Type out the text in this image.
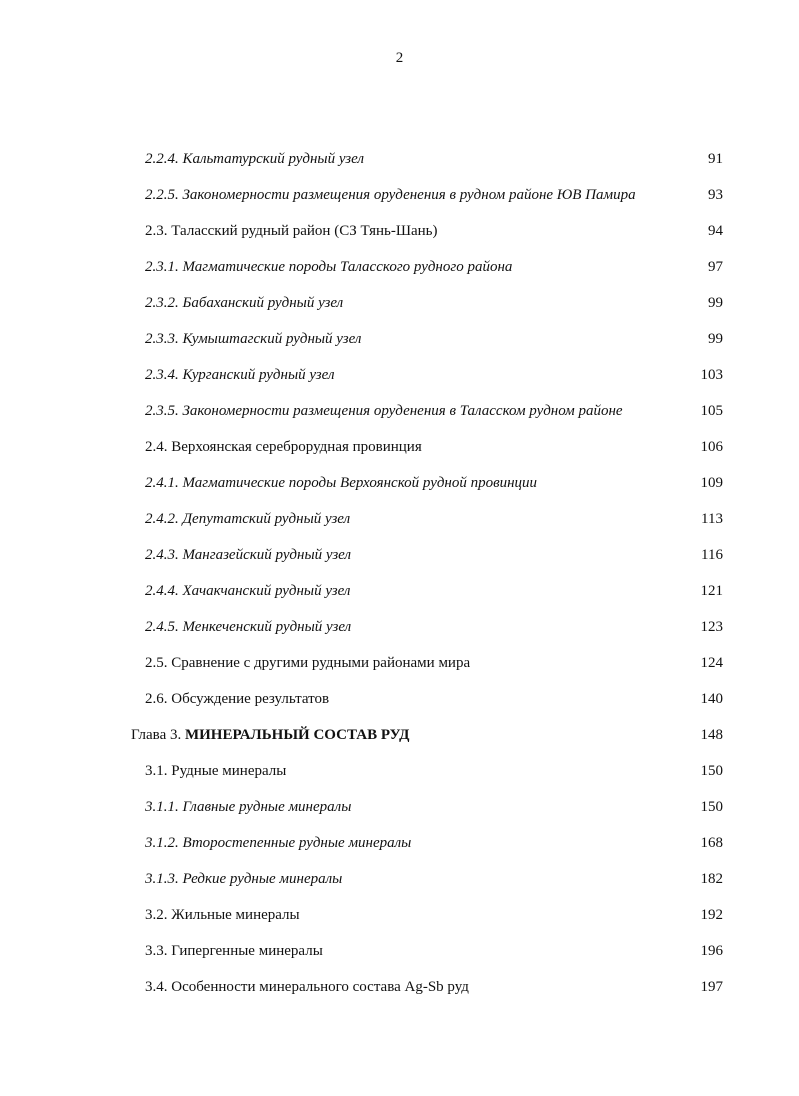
2
2.2.4. Кальтатурский рудный узел	91
2.2.5. Закономерности размещения оруденения в рудном районе ЮВ Памира	93
2.3. Таласский рудный район (СЗ Тянь-Шань)	94
2.3.1. Магматические породы Таласского рудного района	97
2.3.2. Бабаханский рудный узел	99
2.3.3. Кумыштагский рудный узел	99
2.3.4. Курганский рудный узел	103
2.3.5. Закономерности размещения оруденения в Таласском рудном районе	105
2.4. Верхоянская сереброрудная провинция	106
2.4.1. Магматические породы Верхоянской рудной провинции	109
2.4.2. Депутатский рудный узел	113
2.4.3. Мангазейский рудный узел	116
2.4.4. Хачакчанский рудный узел	121
2.4.5. Менкеченский рудный узел	123
2.5. Сравнение с другими рудными районами мира	124
2.6. Обсуждение результатов	140
Глава 3. МИНЕРАЛЬНЫЙ СОСТАВ РУД	148
3.1. Рудные минералы	150
3.1.1. Главные рудные минералы	150
3.1.2. Второстепенные рудные минералы	168
3.1.3. Редкие рудные минералы	182
3.2. Жильные минералы	192
3.3. Гипергенные минералы	196
3.4. Особенности минерального состава Ag-Sb руд	197
